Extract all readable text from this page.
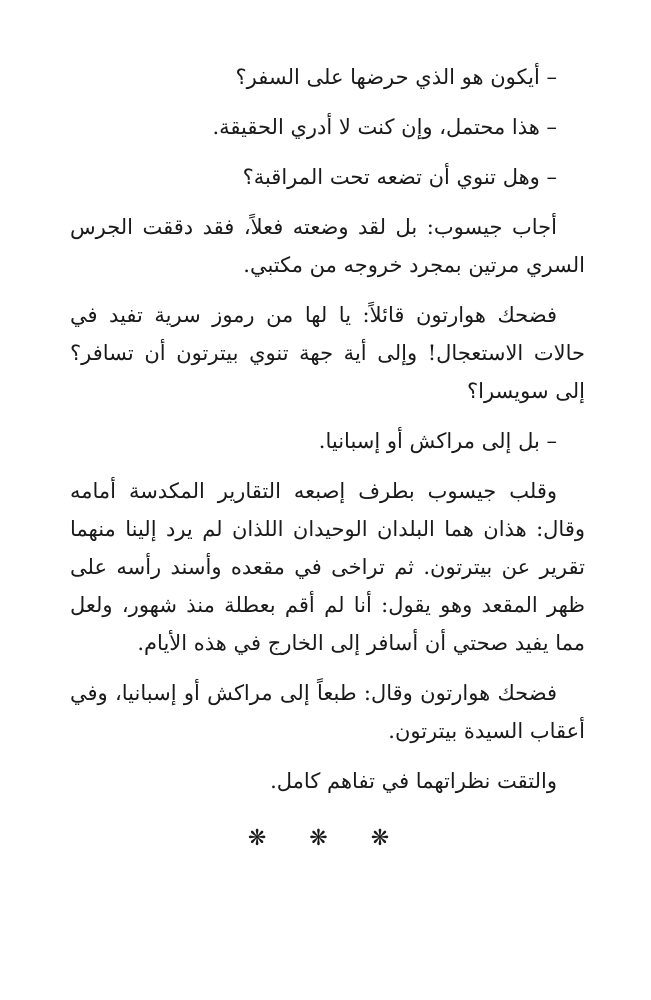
– أيكون هو الذي حرضها على السفر؟

– هذا محتمل، وإن كنت لا أدري الحقيقة.

– وهل تنوي أن تضعه تحت المراقبة؟

أجاب جيسوب: بل لقد وضعته فعلاً، فقد دققت الجرس السري مرتين بمجرد خروجه من مكتبي.

فضحك هوارتون قائلاً: يا لها من رموز سرية تفيد في حالات الاستعجال! وإلى أية جهة تنوي بيترتون أن تسافر؟ إلى سويسرا؟

– بل إلى مراكش أو إسبانيا.

وقلب جيسوب بطرف إصبعه التقارير المكدسة أمامه وقال: هذان هما البلدان الوحيدان اللذان لم يرد إلينا منهما تقرير عن بيترتون. ثم تراخى في مقعده وأسند رأسه على ظهر المقعد وهو يقول: أنا لم أقم بعطلة منذ شهور، ولعل مما يفيد صحتي أن أسافر إلى الخارج في هذه الأيام.

فضحك هوارتون وقال: طبعاً إلى مراكش أو إسبانيا، وفي أعقاب السيدة بيترتون.

والتقت نظراتهما في تفاهم كامل.

❋ ❋ ❋
